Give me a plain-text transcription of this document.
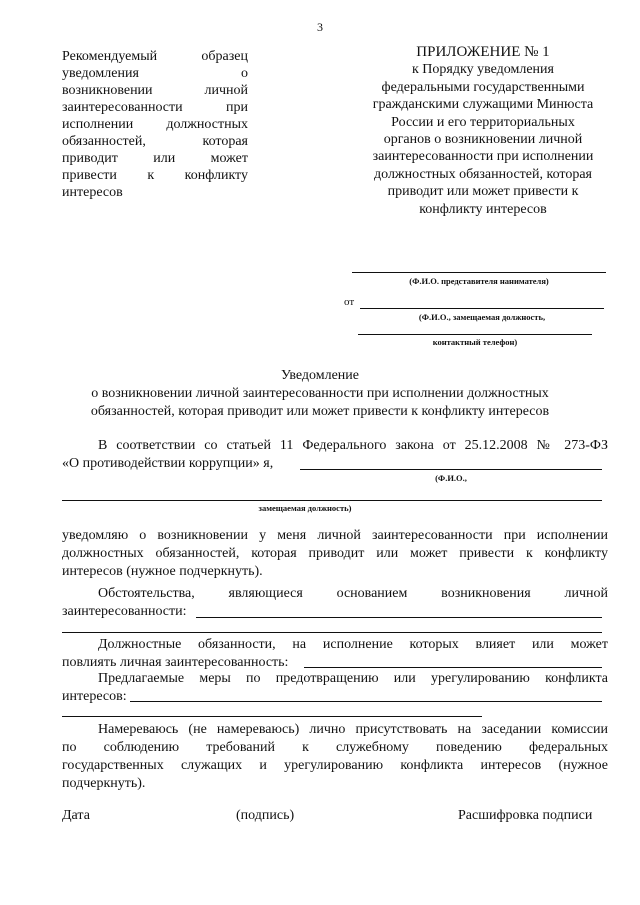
3
Рекомендуемый образец
уведомления о
возникновении личной
заинтересованности при
исполнении должностных
обязанностей, которая
приводит или может
привести к конфликту
интересов
ПРИЛОЖЕНИЕ № 1
к Порядку уведомления
федеральными государственными
гражданскими служащими Минюста
России и его территориальных
органов о возникновении личной
заинтересованности при исполнении
должностных обязанностей, которая
приводит или может привести к
конфликту интересов
(Ф.И.О. представителя нанимателя)
от
(Ф.И.О., замещаемая должность,
контактный телефон)
Уведомление
о возникновении личной заинтересованности при исполнении должностных
обязанностей, которая приводит или может привести к конфликту интересов
В соответствии со статьей 11 Федерального закона от 25.12.2008 № 273-ФЗ
«О противодействии коррупции» я,
(Ф.И.О.,
замещаемая должность)
уведомляю о возникновении у меня личной заинтересованности при исполнении
должностных обязанностей, которая приводит или может привести к конфликту
интересов (нужное подчеркнуть).
Обстоятельства, являющиеся основанием возникновения личной
заинтересованности:
Должностные обязанности, на исполнение которых влияет или может
повлиять личная заинтересованность:
Предлагаемые меры по предотвращению или урегулированию конфликта
интересов:
Намереваюсь (не намереваюсь) лично присутствовать на заседании комиссии
по соблюдению требований к служебному поведению федеральных
государственных служащих и урегулированию конфликта интересов (нужное
подчеркнуть).
Дата	(подпись)	Расшифровка подписи
